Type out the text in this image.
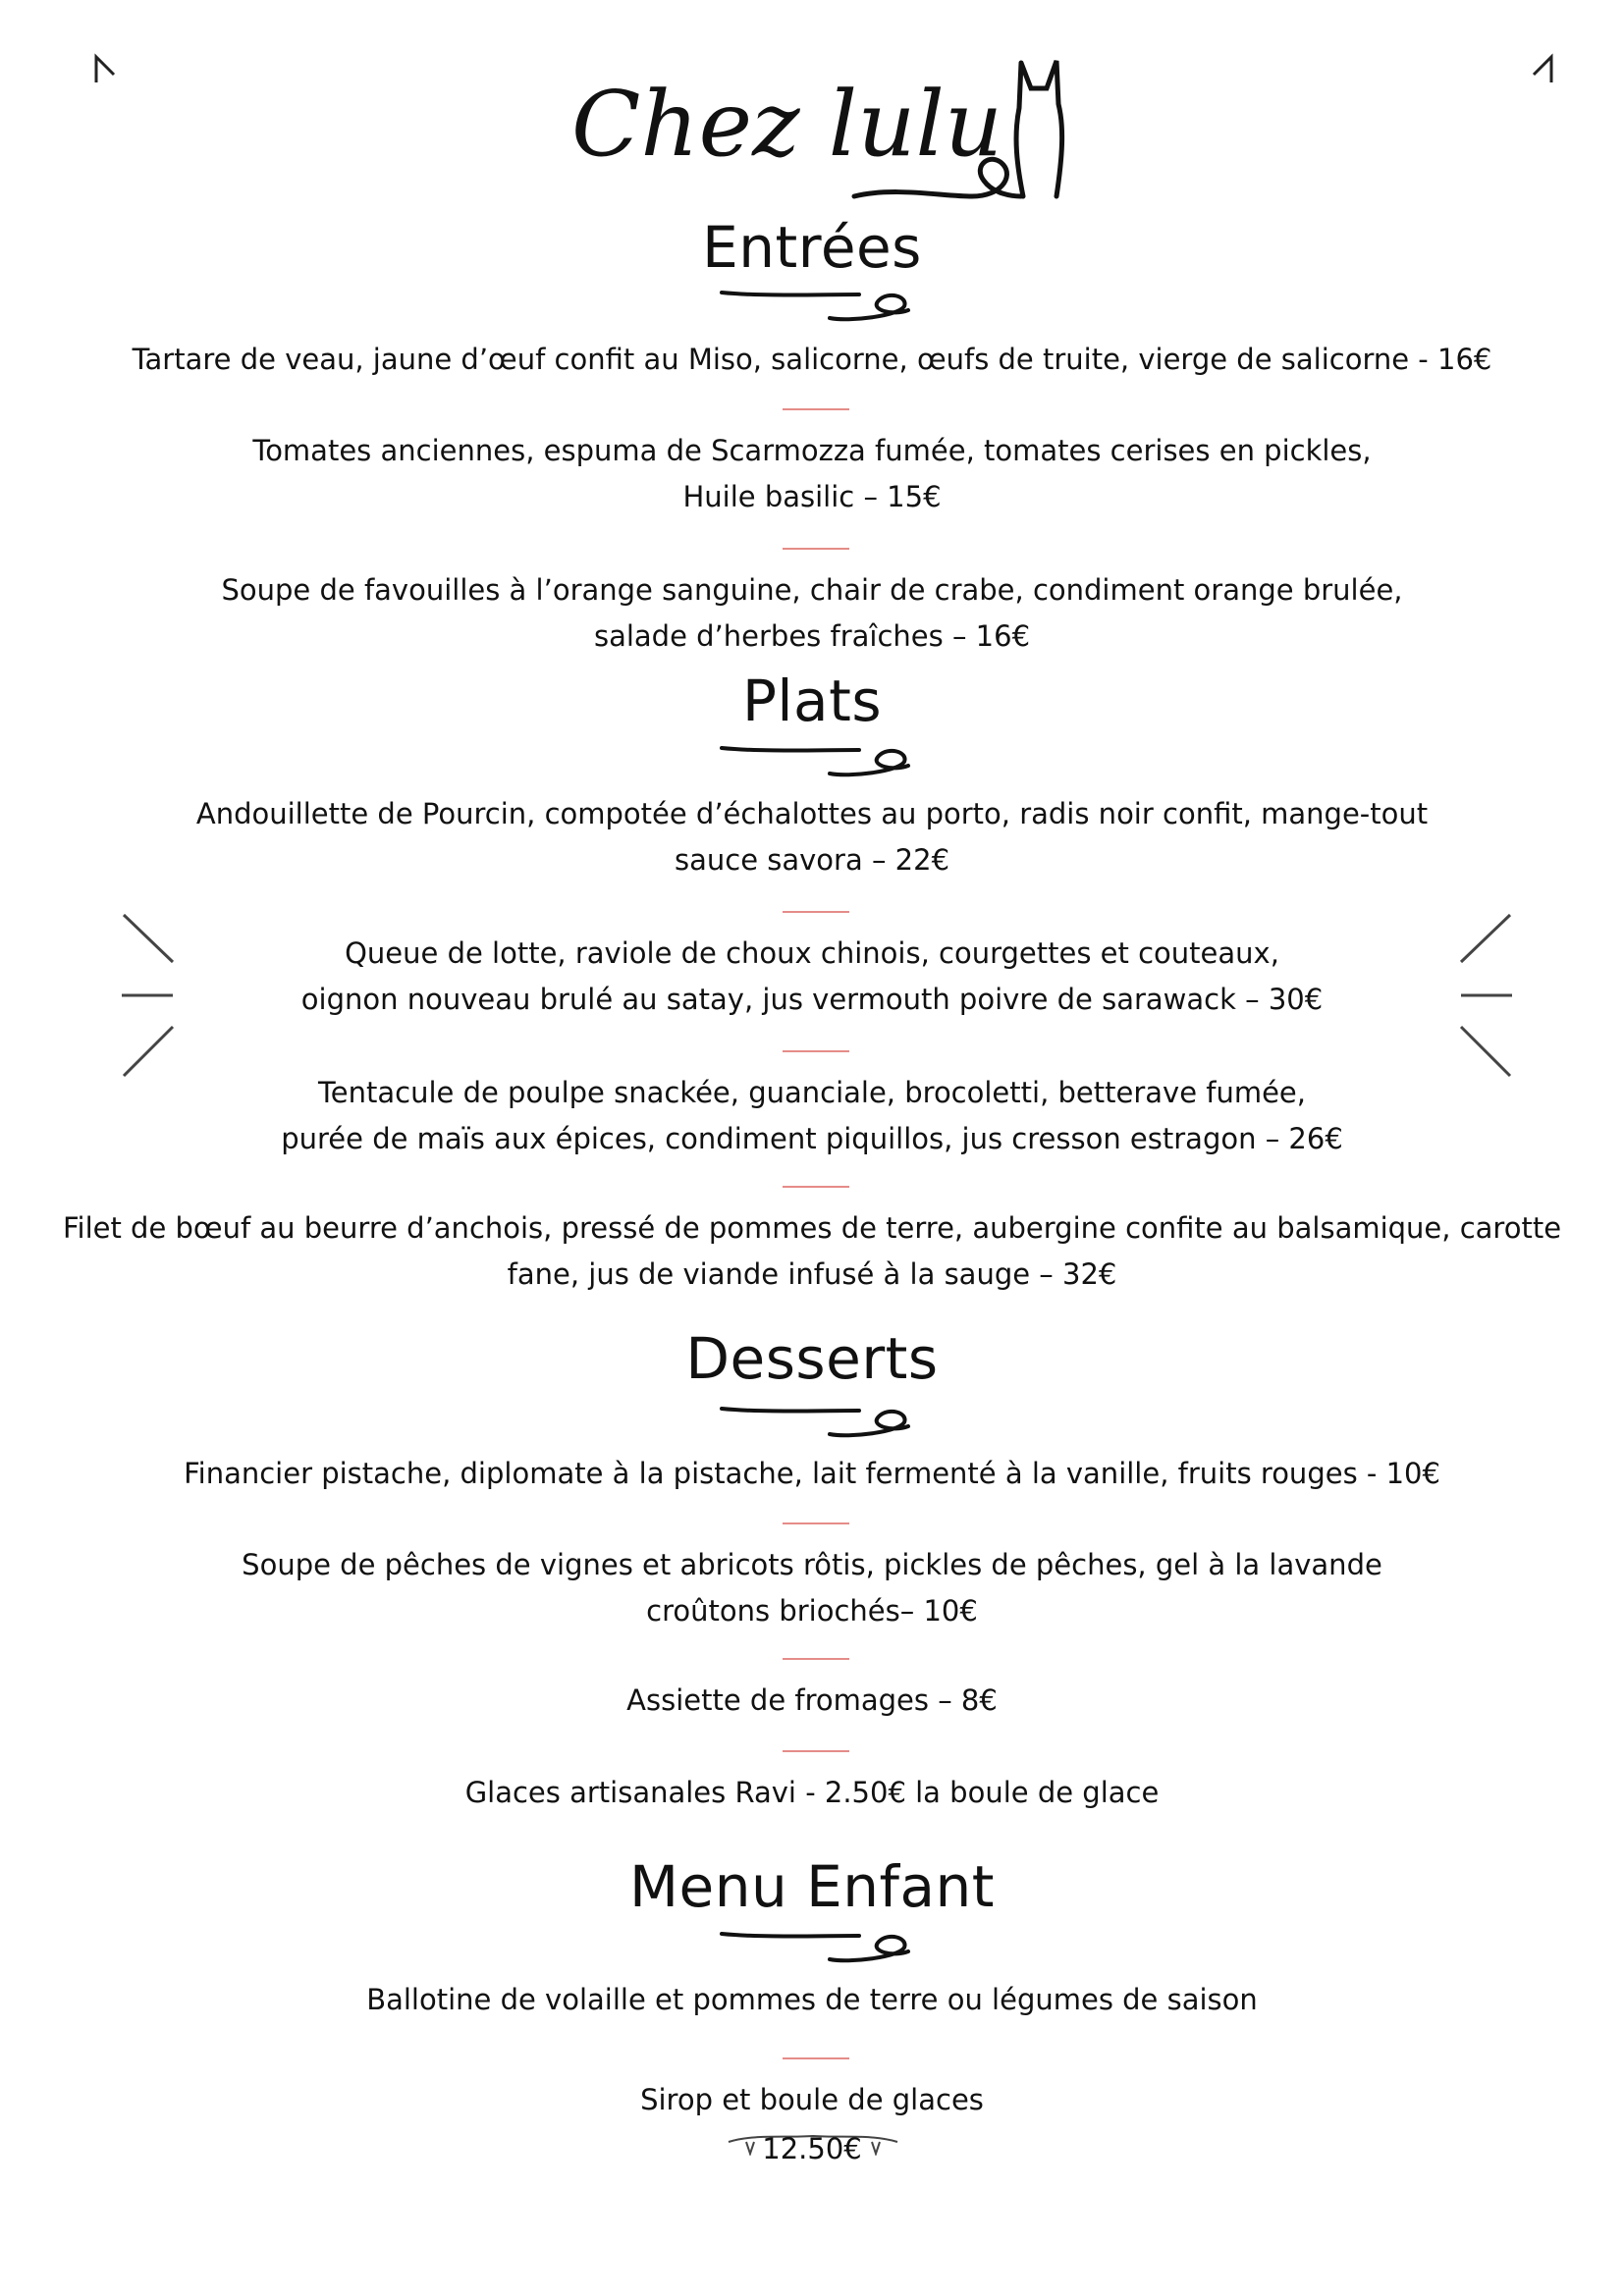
Chez lulu
Entrées
Tartare de veau, jaune d’œuf confit au Miso, salicorne, œufs de truite, vierge de salicorne - 16€
Tomates anciennes, espuma de Scarmozza fumée, tomates cerises en pickles,
Huile basilic – 15€
Soupe de favouilles à l’orange sanguine, chair de crabe, condiment orange brulée,
salade d’herbes fraîches – 16€
Plats
Andouillette de Pourcin, compotée d’échalottes au porto, radis noir confit, mange-tout
sauce savora – 22€
Queue de lotte, raviole de choux chinois, courgettes et couteaux,
oignon nouveau brulé au satay, jus vermouth poivre de sarawack – 30€
Tentacule de poulpe snackée, guanciale, brocoletti, betterave fumée,
purée de maïs aux épices, condiment piquillos, jus cresson estragon – 26€
Filet de bœuf au beurre d’anchois, pressé de pommes de terre, aubergine confite au balsamique, carotte
fane, jus de viande infusé à la sauge – 32€
Desserts
Financier pistache, diplomate à la pistache, lait fermenté à la vanille, fruits rouges - 10€
Soupe de pêches de vignes et abricots rôtis, pickles de pêches, gel à la lavande
croûtons briochés– 10€
Assiette de fromages – 8€
Glaces artisanales Ravi - 2.50€ la boule de glace
Menu Enfant
Ballotine de volaille et pommes de terre ou légumes de saison
Sirop et boule de glaces
12.50€
